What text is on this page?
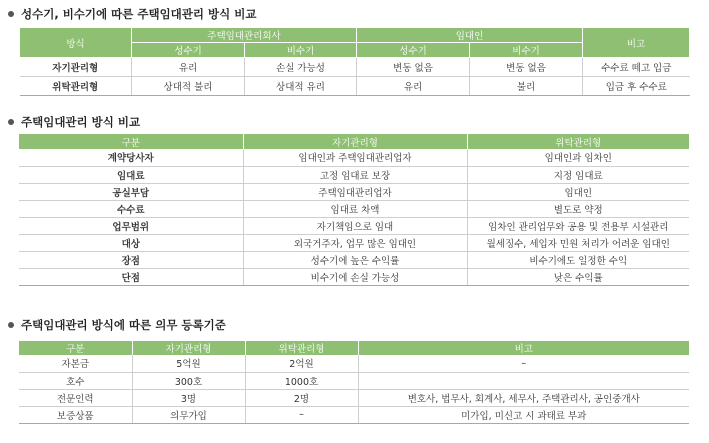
성수기, 비수기에 따른 주택임대관리 방식 비교
방식	주택임대관리회사		임대인		비고
	성수기	비수기	성수기	비수기	
자기관리형	유리	손실 가능성	변동 없음	변동 없음	수수료 떼고 입금
위탁관리형	상대적 불리	상대적 유리	유리	불리	입금 후 수수료
주택임대관리 방식 비교
구분	자기관리형	위탁관리형
계약당사자	임대인과 주택임대관리업자	임대인과 임차인
임대료	고정 임대료 보장	지정 임대료
공실부담	주택임대관리업자	임대인
수수료	임대료 차액	별도로 약정
업무범위	자기책임으로 임대	임차인 관리업무와 공용 및 전용부 시설관리
대상	외국거주자, 업무 많은 임대인	월세징수, 세입자 민원 처리가 어려운 임대인
장점	성수기에 높은 수익률	비수기에도 일정한 수익
단점	비수기에 손실 가능성	낮은 수익률
주택임대관리 방식에 따른 의무 등록기준
구분	자기관리형	위탁관리형	비고
자본금	5억원	2억원	–
호수	300호	1000호	
전문인력	3명	2명	변호사, 법무사, 회계사, 세무사, 주택관리사, 공인중개사
보증상품	의무가입	–	미가입, 미신고 시 과태료 부과
